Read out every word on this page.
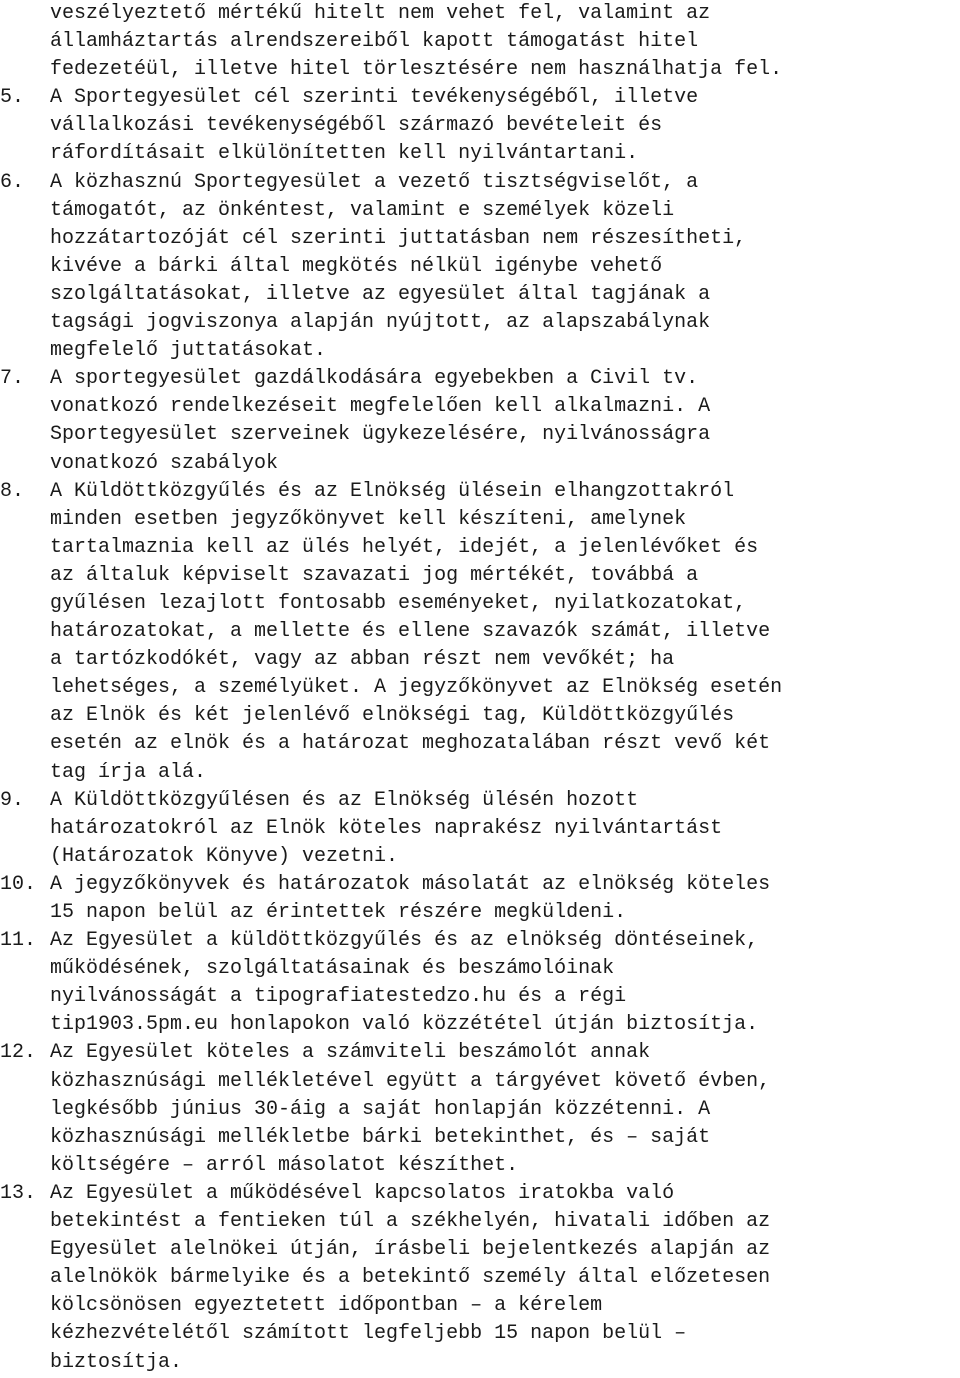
veszélyeztető mértékű hitelt nem vehet fel, valamint az
államháztartás alrendszereiből kapott támogatást hitel
fedezetéül, illetve hitel törlesztésére nem használhatja fel.
5. A Sportegyesület cél szerinti tevékenységéből, illetve
vállalkozási tevékenységéből származó bevételeit és
ráfordításait elkülönítetten kell nyilvántartani.
6. A közhasznú Sportegyesület a vezető tisztségviselőt, a
támogatót, az önkéntest, valamint e személyek közeli
hozzátartozóját cél szerinti juttatásban nem részesítheti,
kivéve a bárki által megkötés nélkül igénybe vehető
szolgáltatásokat, illetve az egyesület által tagjának a
tagsági jogviszonya alapján nyújtott, az alapszabálynak
megfelelő juttatásokat.
7. A sportegyesület gazdálkodására egyebekben a Civil tv.
vonatkozó rendelkezéseit megfelelően kell alkalmazni. A
Sportegyesület szerveinek ügykezelésére, nyilvánosságra
vonatkozó szabályok
8. A Küldöttközgyűlés és az Elnökség ülésein elhangzottakról
minden esetben jegyzőkönyvet kell készíteni, amelynek
tartalmaznia kell az ülés helyét, idejét, a jelenlévőket és
az általuk képviselt szavazati jog mértékét, továbbá a
gyűlésen lezajlott fontosabb eseményeket, nyilatkozatokat,
határozatokat, a mellette és ellene szavazók számát, illetve
a tartózkodókét, vagy az abban részt nem vevőkét; ha
lehetséges, a személyüket. A jegyzőkönyvet az Elnökség esetén
az Elnök és két jelenlévő elnökségi tag, Küldöttközgyűlés
esetén az elnök és a határozat meghozatalában részt vevő két
tag írja alá.
9. A Küldöttközgyűlésen és az Elnökség ülésén hozott
határozatokról az Elnök köteles naprakész nyilvántartást
(Határozatok Könyve) vezetni.
10. A jegyzőkönyvek és határozatok másolatát az elnökség köteles
15 napon belül az érintettek részére megküldeni.
11. Az Egyesület a küldöttközgyűlés és az elnökség döntéseinek,
működésének, szolgáltatásainak és beszámolóinak
nyilvánosságát a tipografiatestedzo.hu és a régi
tip1903.5pm.eu honlapokon való közzététel útján biztosítja.
12. Az Egyesület köteles a számviteli beszámolót annak
közhasznúsági mellékletével együtt a tárgyévet követő évben,
legkésőbb június 30-áig a saját honlapján közzétenni. A
közhasznúsági mellékletbe bárki betekinthet, és – saját
költségére – arról másolatot készíthet.
13. Az Egyesület a működésével kapcsolatos iratokba való
betekintést a fentieken túl a székhelyén, hivatali időben az
Egyesület alelnökei útján, írásbeli bejelentkezés alapján az
alelnökök bármelyike és a betekintő személy által előzetesen
kölcsönösen egyeztetett időpontban – a kérelem
kézhezvételétől számított legfeljebb 15 napon belül –
biztosítja.
